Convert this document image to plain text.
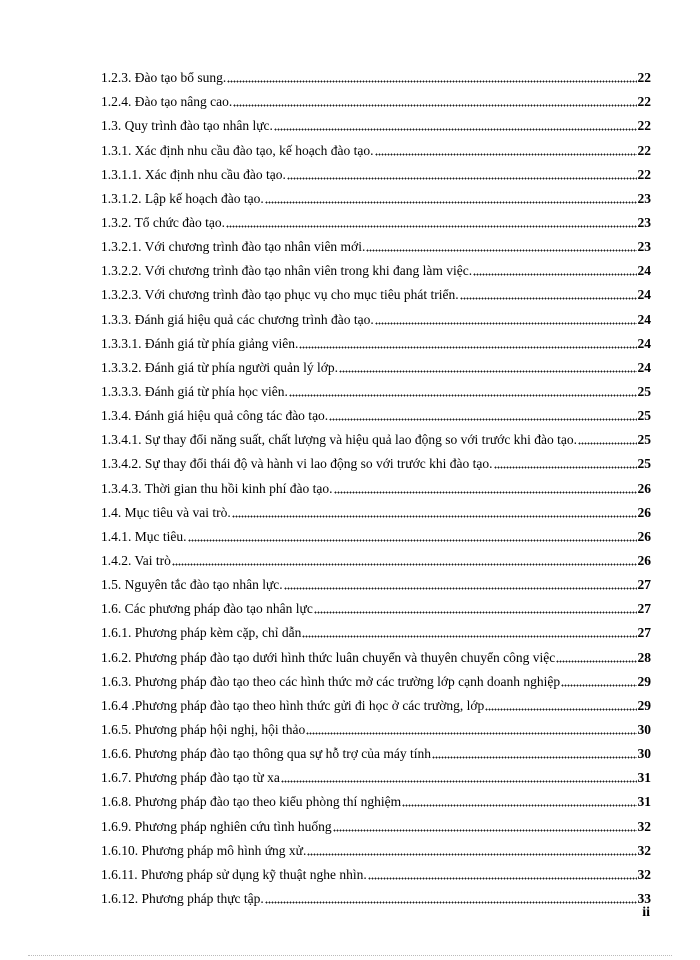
1.2.3. Đào tạo bổ sung.	22
1.2.4. Đào tạo nâng cao.	22
1.3. Quy trình đào tạo nhân lực.	22
1.3.1. Xác định nhu cầu đào tạo, kế hoạch đào tạo.	22
1.3.1.1. Xác định nhu cầu đào tạo.	22
1.3.1.2. Lập kế hoạch đào tạo.	23
1.3.2. Tổ chức đào tạo.	23
1.3.2.1. Với chương trình đào tạo nhân viên mới.	23
1.3.2.2. Với chương trình đào tạo nhân viên trong khi đang làm việc.	24
1.3.2.3. Với chương trình đào tạo phục vụ cho mục tiêu phát triển.	24
1.3.3. Đánh giá hiệu quả các chương trình đào tạo.	24
1.3.3.1. Đánh giá từ phía giảng viên.	24
1.3.3.2. Đánh giá từ phía người quản lý lớp.	24
1.3.3.3. Đánh giá từ phía học viên.	25
1.3.4. Đánh giá hiệu quả công tác đào tạo.	25
1.3.4.1. Sự thay đổi năng suất, chất lượng và hiệu quả lao động so với trước khi đào tạo.	25
1.3.4.2. Sự thay đổi thái độ và hành vi lao động so với trước khi đào tạo.	25
1.3.4.3. Thời gian thu hồi kinh phí đào tạo.	26
1.4. Mục tiêu và vai trò.	26
1.4.1. Mục tiêu.	26
1.4.2. Vai trò	26
1.5. Nguyên tắc đào tạo nhân lực.	27
1.6. Các phương pháp đào tạo nhân lực	27
1.6.1. Phương pháp kèm cặp, chỉ dẫn	27
1.6.2. Phương pháp đào tạo dưới hình thức luân chuyển và thuyên chuyển công việc	28
1.6.3. Phương pháp đào tạo theo các hình thức mở các trường lớp cạnh doanh nghiệp	29
1.6.4 .Phương pháp đào tạo theo hình thức gửi đi học ở các trường, lớp	29
1.6.5. Phương pháp hội nghị, hội thảo	30
1.6.6. Phương pháp đào tạo thông qua sự hỗ trợ của máy tính	30
1.6.7. Phương pháp đào tạo từ xa	31
1.6.8. Phương pháp đào tạo theo kiểu phòng thí nghiệm	31
1.6.9. Phương pháp nghiên cứu tình huống	32
1.6.10. Phương pháp mô hình ứng xử.	32
1.6.11. Phương pháp sử dụng kỹ thuật nghe nhìn.	32
1.6.12. Phương pháp thực tập.	33
ii
